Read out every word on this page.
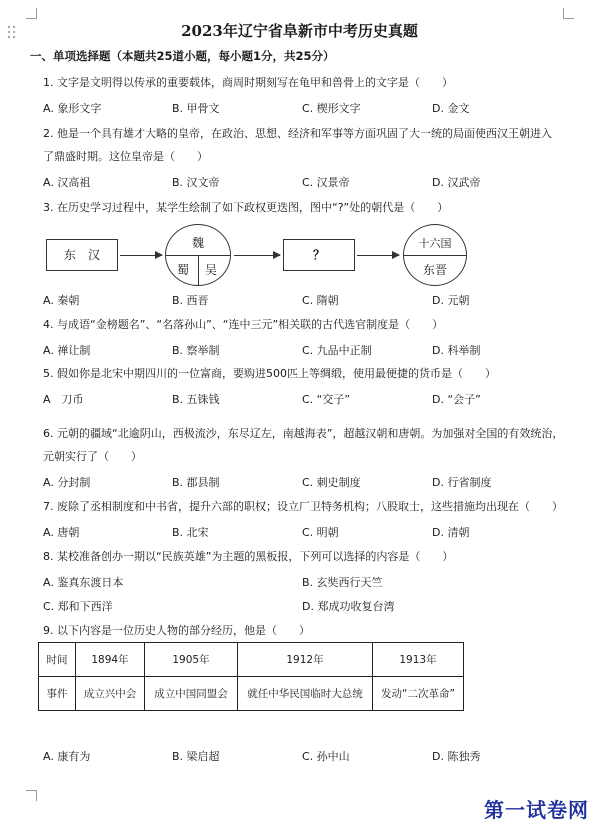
2023年辽宁省阜新市中考历史真题
一、单项选择题（本题共25道小题，每小题1分，共25分）
1. 文字是文明得以传承的重要载体，商周时期刻写在龟甲和兽骨上的文字是（　　）
A. 象形文字	B. 甲骨文	C. 楔形文字	D. 金文
2. 他是一个具有雄才大略的皇帝，在政治、思想、经济和军事等方面巩固了大一统的局面使西汉王朝进入
了鼎盛时期。这位皇帝是（　　）
A. 汉高祖	B. 汉文帝	C. 汉景帝	D. 汉武帝
3. 在历史学习过程中，某学生绘制了如下政权更迭图，图中“?”处的朝代是（　　）
东　汉
魏
蜀 吴
？
十六国
东晋
A. 秦朝	B. 西晋	C. 隋朝	D. 元朝
4. 与成语“金榜题名”、“名落孙山”、“连中三元”相关联的古代选官制度是（　　）
A. 禅让制	B. 察举制	C. 九品中正制	D. 科举制
5. 假如你是北宋中期四川的一位富商，要购进500匹上等绸缎，使用最便捷的货币是（　　）
A　刀币	B. 五铢钱	C. “交子”	D. “会子”
6. 元朝的疆域“北逾阴山，西极流沙，东尽辽左，南越海表”，超越汉朝和唐朝。为加强对全国的有效统治，
元朝实行了（　　）
A. 分封制	B. 郡县制	C. 刺史制度	D. 行省制度
7. 废除了丞相制度和中书省，提升六部的职权；设立厂卫特务机构；八股取士，这些措施均出现在（　　）
A. 唐朝	B. 北宋	C. 明朝	D. 清朝
8. 某校准备创办一期以“民族英雄”为主题的黑板报，下列可以选择的内容是（　　）
A. 鉴真东渡日本	B. 玄奘西行天竺
C. 郑和下西洋	D. 郑成功收复台湾
9. 以下内容是一位历史人物的部分经历，他是（　　）
时间	1894年	1905年	1912年	1913年
事件	成立兴中会	成立中国同盟会	就任中华民国临时大总统	发动“二次革命”
A. 康有为	B. 梁启超	C. 孙中山	D. 陈独秀
第一试卷网
